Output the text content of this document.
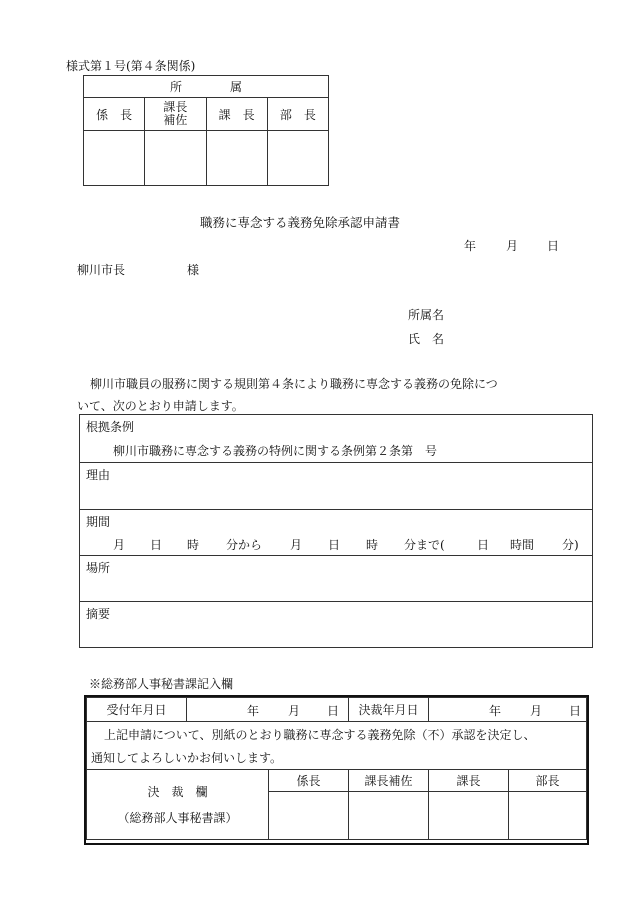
様式第１号(第４条関係)
所　　　　属			
係　長	課長補佐	課　長	部　長

職務に専念する義務免除承認申請書
年 月 日
柳川市長	様
所属名
氏　名
柳川市職員の服務に関する規則第４条により職務に専念する義務の免除につ
いて、次のとおり申請します。
根拠条例
柳川市職務に専念する義務の特例に関する条例第２条第　号
理由
期間
月 日 時 分から 月 日 時 分まで(	日 時間 分)
場所
摘要
※総務部人事秘書課記入欄
受付年月日	年 月 日		決裁年月日	年 月 日	

上記申請について、別紙のとおり職務に専念する義務免除（不）承認を決定し、
通知してよろしいかお伺いします。					

決　裁　欄
（総務部人事秘書課）		係長	課長補佐	課長	部長
